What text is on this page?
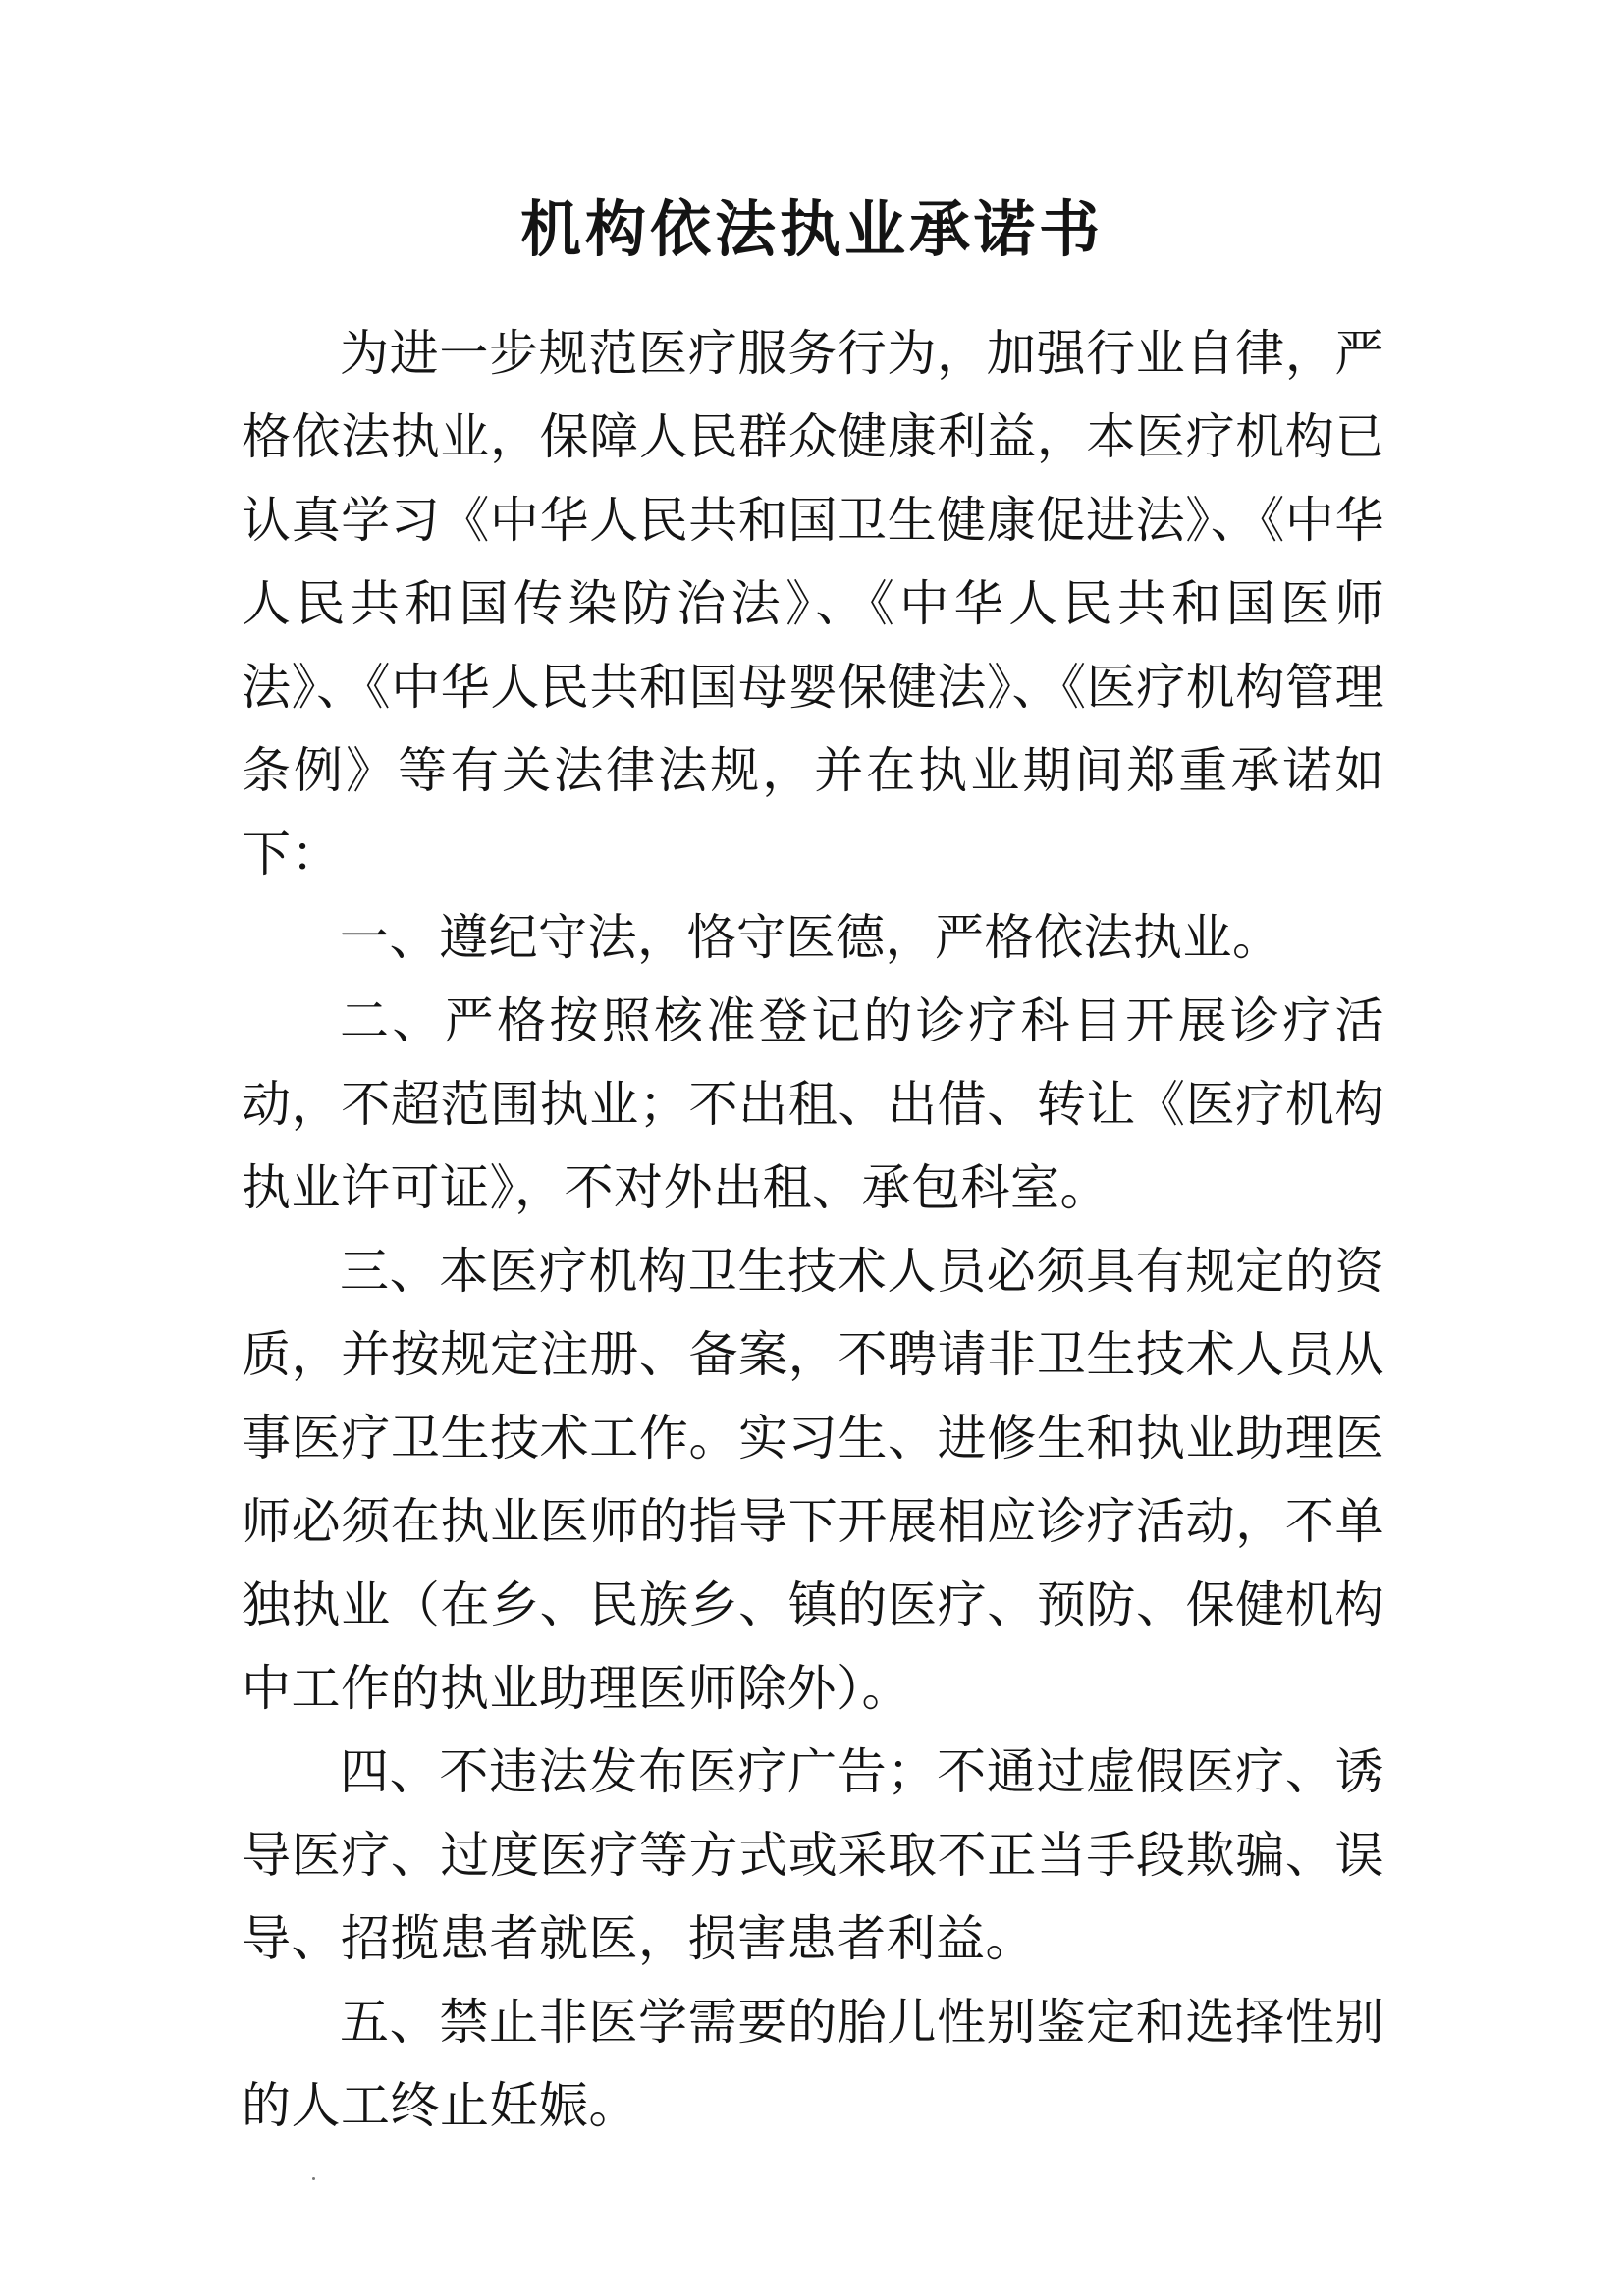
机构依法执业承诺书

为进一步规范医疗服务行为，加强行业自律，严格依法执业，保障人民群众健康利益，本医疗机构已认真学习《中华人民共和国卫生健康促进法》、《中华人民共和国传染防治法》、《中华人民共和国医师法》、《中华人民共和国母婴保健法》、《医疗机构管理条例》等有关法律法规，并在执业期间郑重承诺如下：

一、遵纪守法，恪守医德，严格依法执业。

二、严格按照核准登记的诊疗科目开展诊疗活动，不超范围执业；不出租、出借、转让《医疗机构执业许可证》，不对外出租、承包科室。

三、本医疗机构卫生技术人员必须具有规定的资质，并按规定注册、备案，不聘请非卫生技术人员从事医疗卫生技术工作。实习生、进修生和执业助理医师必须在执业医师的指导下开展相应诊疗活动，不单独执业（在乡、民族乡、镇的医疗、预防、保健机构中工作的执业助理医师除外）。

四、不违法发布医疗广告；不通过虚假医疗、诱导医疗、过度医疗等方式或采取不正当手段欺骗、误导、招揽患者就医，损害患者利益。

五、禁止非医学需要的胎儿性别鉴定和选择性别的人工终止妊娠。
